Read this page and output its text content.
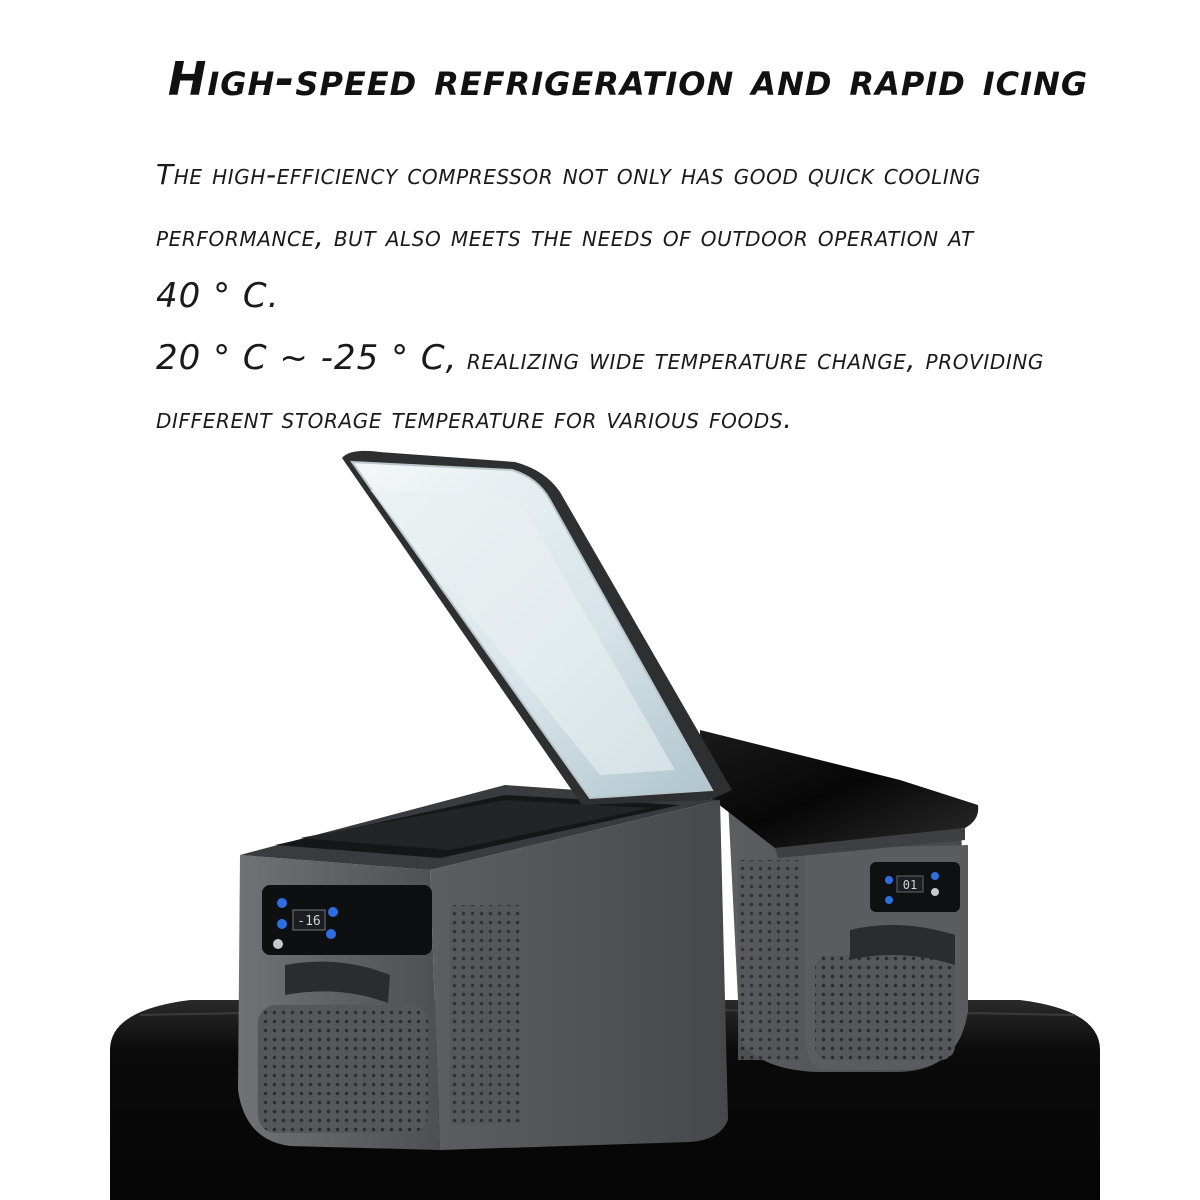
High-speed refrigeration and rapid icing
The high-efficiency compressor not only has good quick cooling
performance, but also meets the needs of outdoor operation at
40 ° C.
20 ° C ~ -25 ° C, realizing wide temperature change, providing
different storage temperature for various foods.
01
-16
